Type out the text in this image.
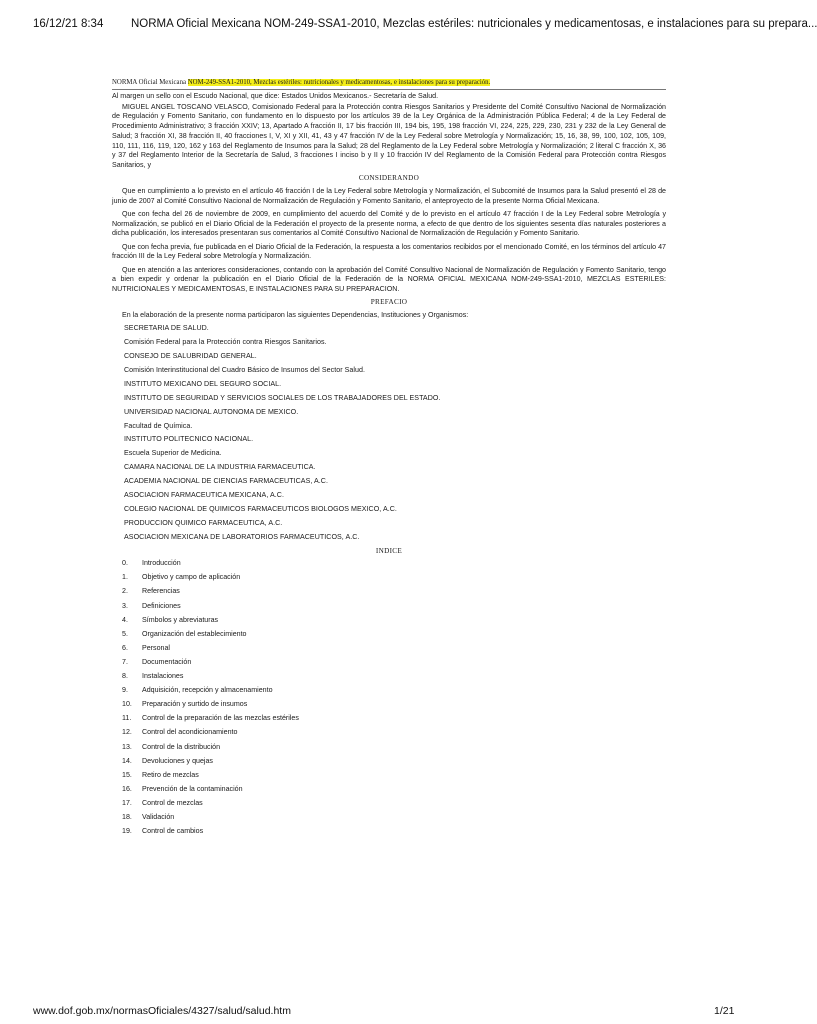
16/12/21 8:34 NORMA Oficial Mexicana NOM-249-SSA1-2010, Mezclas estériles: nutricionales y medicamentosas, e instalaciones para su prepara...
NORMA Oficial Mexicana NOM-249-SSA1-2010, Mezclas estériles: nutricionales y medicamentosas, e instalaciones para su preparación.

Al margen un sello con el Escudo Nacional, que dice: Estados Unidos Mexicanos.- Secretaría de Salud.

MIGUEL ANGEL TOSCANO VELASCO, Comisionado Federal para la Protección contra Riesgos Sanitarios y Presidente del Comité Consultivo Nacional de Normalización de Regulación y Fomento Sanitario, con fundamento en lo dispuesto por los artículos 39 de la Ley Orgánica de la Administración Pública Federal; 4 de la Ley Federal de Procedimiento Administrativo; 3 fracción XXIV; 13, Apartado A fracción II, 17 bis fracción III, 194 bis, 195, 198 fracción VI, 224, 225, 229, 230, 231 y 232 de la Ley General de Salud; 3 fracción XI, 38 fracción II, 40 fracciones I, V, XI y XII, 41, 43 y 47 fracción IV de la Ley Federal sobre Metrología y Normalización; 15, 16, 38, 99, 100, 102, 105, 109, 110, 111, 116, 119, 120, 162 y 163 del Reglamento de Insumos para la Salud; 28 del Reglamento de la Ley Federal sobre Metrología y Normalización; 2 literal C fracción X, 36 y 37 del Reglamento Interior de la Secretaría de Salud, 3 fracciones I inciso b y II y 10 fracción IV del Reglamento de la Comisión Federal para Protección contra Riesgos Sanitarios, y

CONSIDERANDO

Que en cumplimiento a lo previsto en el artículo 46 fracción I de la Ley Federal sobre Metrología y Normalización, el Subcomité de Insumos para la Salud presentó el 28 de junio de 2007 al Comité Consultivo Nacional de Normalización de Regulación y Fomento Sanitario, el anteproyecto de la presente Norma Oficial Mexicana.

Que con fecha del 26 de noviembre de 2009, en cumplimiento del acuerdo del Comité y de lo previsto en el artículo 47 fracción I de la Ley Federal sobre Metrología y Normalización, se publicó en el Diario Oficial de la Federación el proyecto de la presente norma, a efecto de que dentro de los siguientes sesenta días naturales posteriores a dicha publicación, los interesados presentaran sus comentarios al Comité Consultivo Nacional de Normalización de Regulación y Fomento Sanitario.

Que con fecha previa, fue publicada en el Diario Oficial de la Federación, la respuesta a los comentarios recibidos por el mencionado Comité, en los términos del artículo 47 fracción III de la Ley Federal sobre Metrología y Normalización.

Que en atención a las anteriores consideraciones, contando con la aprobación del Comité Consultivo Nacional de Normalización de Regulación y Fomento Sanitario, tengo a bien expedir y ordenar la publicación en el Diario Oficial de la Federación de la NORMA OFICIAL MEXICANA NOM-249-SSA1-2010, MEZCLAS ESTERILES: NUTRICIONALES Y MEDICAMENTOSAS, E INSTALACIONES PARA SU PREPARACION.

PREFACIO

En la elaboración de la presente norma participaron las siguientes Dependencias, Instituciones y Organismos:

SECRETARIA DE SALUD.

Comisión Federal para la Protección contra Riesgos Sanitarios.

CONSEJO DE SALUBRIDAD GENERAL.

Comisión Interinstitucional del Cuadro Básico de Insumos del Sector Salud.

INSTITUTO MEXICANO DEL SEGURO SOCIAL.

INSTITUTO DE SEGURIDAD Y SERVICIOS SOCIALES DE LOS TRABAJADORES DEL ESTADO.

UNIVERSIDAD NACIONAL AUTONOMA DE MEXICO.

Facultad de Química.

INSTITUTO POLITECNICO NACIONAL.

Escuela Superior de Medicina.

CAMARA NACIONAL DE LA INDUSTRIA FARMACEUTICA.

ACADEMIA NACIONAL DE CIENCIAS FARMACEUTICAS, A.C.

ASOCIACION FARMACEUTICA MEXICANA, A.C.

COLEGIO NACIONAL DE QUIMICOS FARMACEUTICOS BIOLOGOS MEXICO, A.C.

PRODUCCION QUIMICO FARMACEUTICA, A.C.

ASOCIACION MEXICANA DE LABORATORIOS FARMACEUTICOS, A.C.

INDICE
0.	Introducción
1.	Objetivo y campo de aplicación
2.	Referencias
3.	Definiciones
4.	Símbolos y abreviaturas
5.	Organización del establecimiento
6.	Personal
7.	Documentación
8.	Instalaciones
9.	Adquisición, recepción y almacenamiento
10.	Preparación y surtido de insumos
11.	Control de la preparación de las mezclas estériles
12.	Control del acondicionamiento
13.	Control de la distribución
14.	Devoluciones y quejas
15.	Retiro de mezclas
16.	Prevención de la contaminación
17.	Control de mezclas
18.	Validación
19.	Control de cambios
www.dof.gob.mx/normasOficiales/4327/salud/salud.htm	1/21
